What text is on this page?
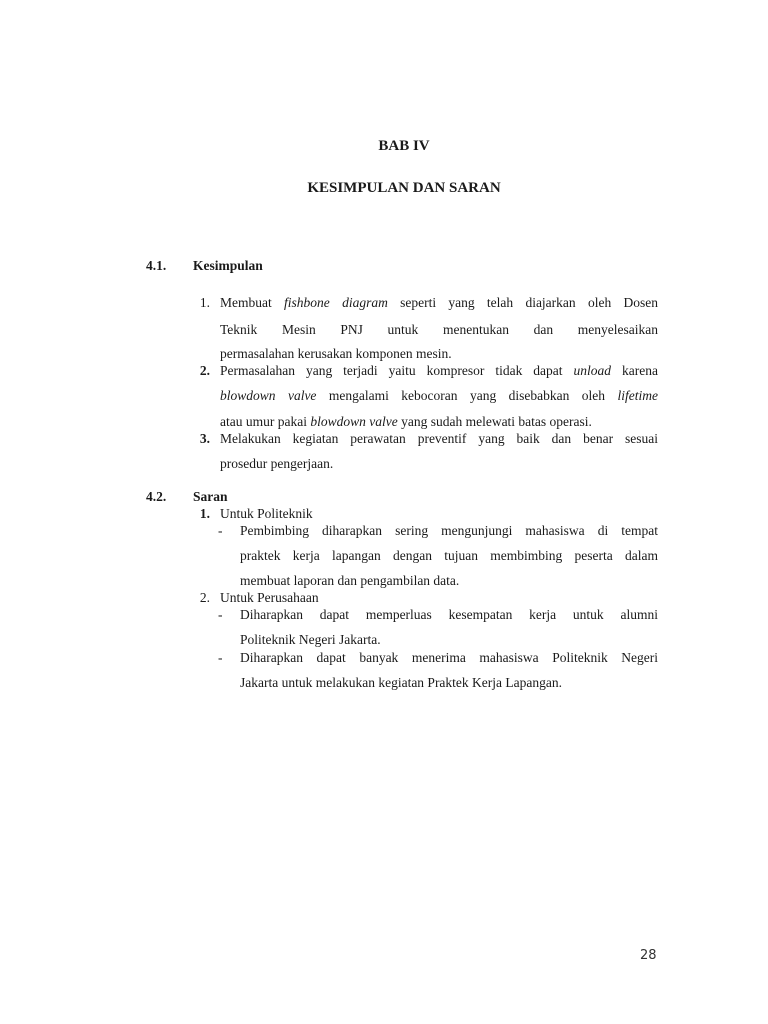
BAB IV
KESIMPULAN DAN SARAN
4.1. Kesimpulan
1. Membuat fishbone diagram seperti yang telah diajarkan oleh Dosen
Teknik Mesin PNJ untuk menentukan dan menyelesaikan
permasalahan kerusakan komponen mesin.
2. Permasalahan yang terjadi yaitu kompresor tidak dapat unload karena
blowdown valve mengalami kebocoran yang disebabkan oleh lifetime
atau umur pakai blowdown valve yang sudah melewati batas operasi.
3. Melakukan kegiatan perawatan preventif yang baik dan benar sesuai
prosedur pengerjaan.
4.2. Saran
1. Untuk Politeknik
- Pembimbing diharapkan sering mengunjungi mahasiswa di tempat
praktek kerja lapangan dengan tujuan membimbing peserta dalam
membuat laporan dan pengambilan data.
2. Untuk Perusahaan
- Diharapkan dapat memperluas kesempatan kerja untuk alumni
Politeknik Negeri Jakarta.
- Diharapkan dapat banyak menerima mahasiswa Politeknik Negeri
Jakarta untuk melakukan kegiatan Praktek Kerja Lapangan.
28
